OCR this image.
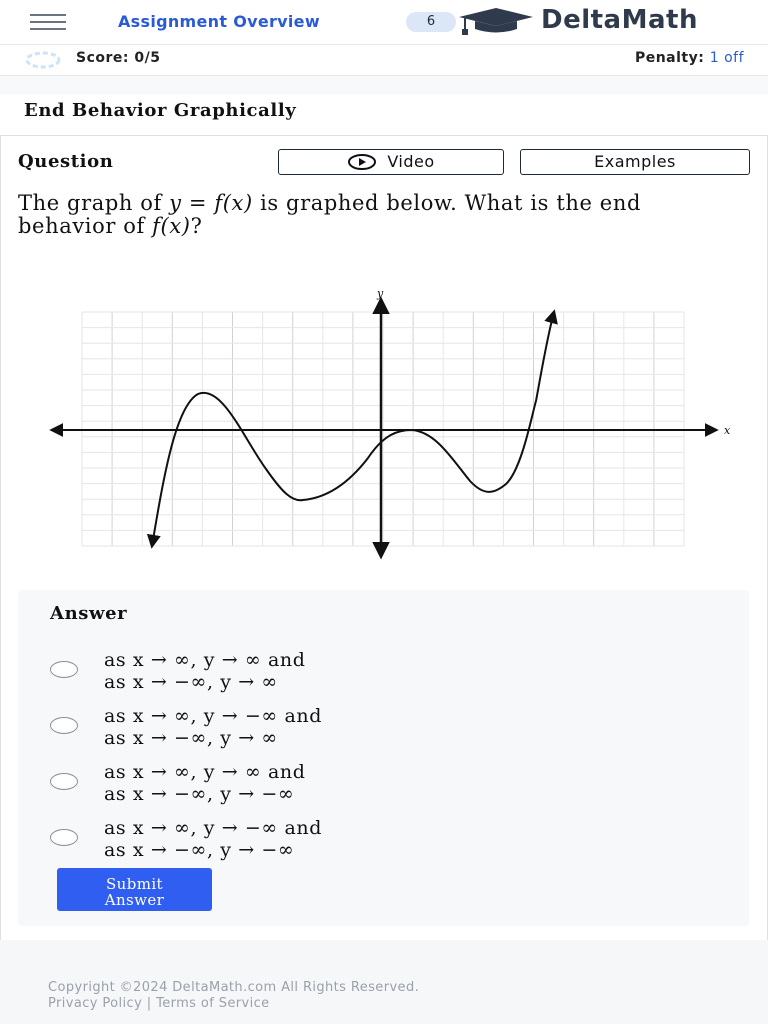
Assignment Overview	6	DeltaMath
Score: 0/5	Penalty: 1 off
End Behavior Graphically
Question	Video	Examples
The graph of y = f(x) is graphed below. What is the end behavior of f(x)?
x
y
Answer
as x → ∞, y → ∞ and
as x → −∞, y → ∞
as x → ∞, y → −∞ and
as x → −∞, y → ∞
as x → ∞, y → ∞ and
as x → −∞, y → −∞
as x → ∞, y → −∞ and
as x → −∞, y → −∞
Submit
Answer
Copyright ©2024 DeltaMath.com All Rights Reserved.
Privacy Policy | Terms of Service
